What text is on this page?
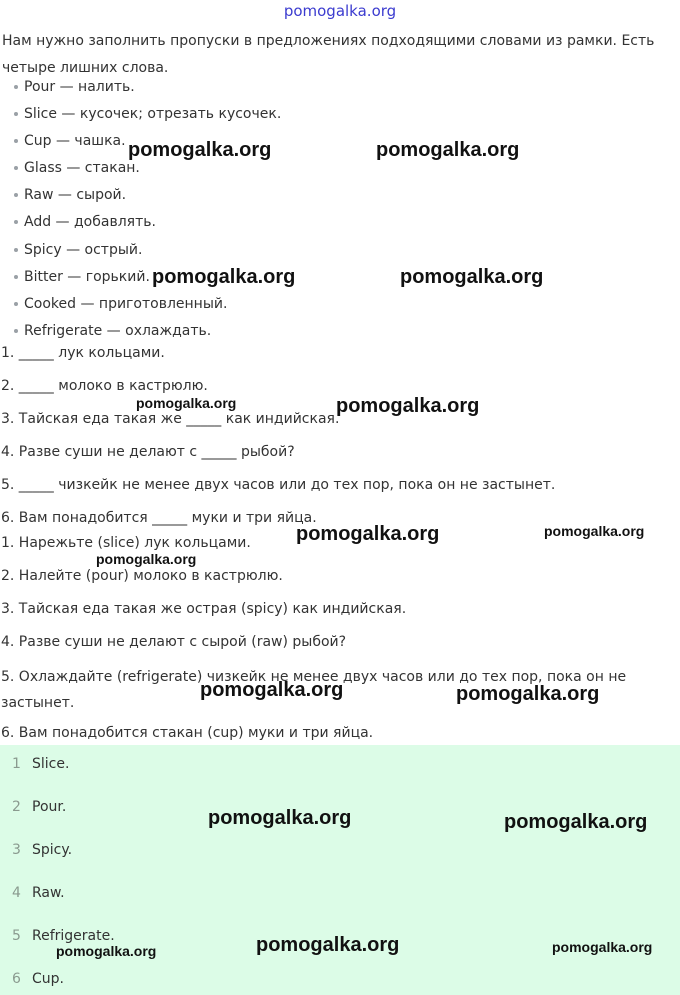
pomogalka.org
Нам нужно заполнить пропуски в предложениях подходящими словами из рамки. Есть четыре лишних слова.
Pour — налить.
Slice — кусочек; отрезать кусочек.
Cup — чашка.
Glass — стакан.
Raw — сырой.
Add — добавлять.
Spicy — острый.
Bitter — горький.
Cooked — приготовленный.
Refrigerate — охлаждать.
1. _____ лук кольцами.
2. _____ молоко в кастрюлю.
3. Тайская еда такая же _____ как индийская.
4. Разве суши не делают с _____ рыбой?
5. _____ чизкейк не менее двух часов или до тех пор, пока он не застынет.
6. Вам понадобится _____ муки и три яйца.
1. Нарежьте (slice) лук кольцами.
2. Налейте (pour) молоко в кастрюлю.
3. Тайская еда такая же острая (spicy) как индийская.
4. Разве суши не делают с сырой (raw) рыбой?
5. Охлаждайте (refrigerate) чизкейк не менее двух часов или до тех пор, пока он не застынет.
6. Вам понадобится стакан (cup) муки и три яйца.
1 Slice.
2 Pour.
3 Spicy.
4 Raw.
5 Refrigerate.
6 Cup.
pomogalka.org	pomogalka.org
pomogalka.org	pomogalka.org
pomogalka.org	pomogalka.org
pomogalka.org	pomogalka.org
pomogalka.org
pomogalka.org	pomogalka.org
pomogalka.org	pomogalka.org
pomogalka.org
pomogalka.org	pomogalka.org
